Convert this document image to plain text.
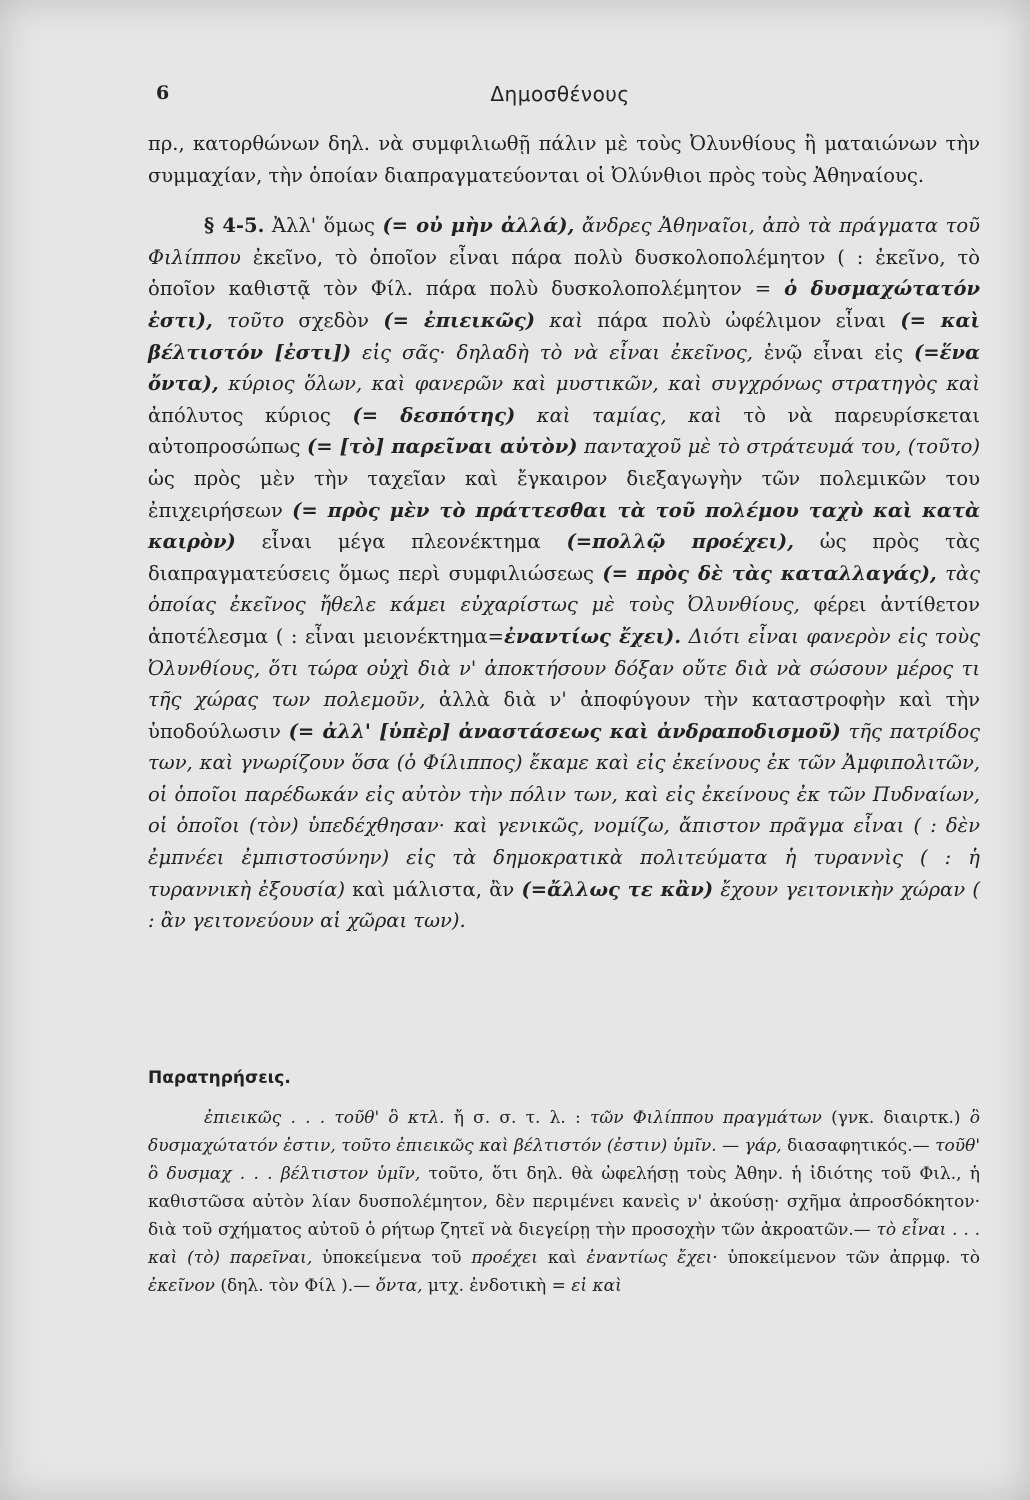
6	Δημοσθένους

πρ., κατορθώνων δηλ. νὰ συμφιλιωθῇ πάλιν μὲ τοὺς Ὀλυνθίους ἢ ματαιώνων τὴν συμμαχίαν, τὴν ὁποίαν διαπραγματεύονται οἱ Ὀλύνθιοι πρὸς τοὺς Ἀθηναίους.

§ 4-5. Ἀλλ' ὅμως (= οὐ μὴν ἀλλά), ἄνδρες Ἀθηναῖοι, ἀπὸ τὰ πράγματα τοῦ Φιλίππου ἐκεῖνο, τὸ ὁποῖον εἶναι πάρα πολὺ δυσκολοπολέμητον ( : ἐκεῖνο, τὸ ὁποῖον καθιστᾷ τὸν Φίλ. πάρα πολὺ δυσκολοπολέμητον = ὁ δυσμαχώτατόν ἐστι), τοῦτο σχεδὸν (= ἐπιεικῶς) καὶ πάρα πολὺ ὠφέλιμον εἶναι (= καὶ βέλτιστόν [ἐστι]) εἰς σᾶς· δηλαδὴ τὸ νὰ εἶναι ἐκεῖνος, ἐνῷ εἶναι εἰς (=ἕνα ὄντα), κύριος ὅλων, καὶ φανερῶν καὶ μυστικῶν, καὶ συγχρόνως στρατηγὸς καὶ ἀπόλυτος κύριος (= δεσπότης) καὶ ταμίας, καὶ τὸ νὰ παρευρίσκεται αὐτοπροσώπως (= [τὸ] παρεῖναι αὐτὸν) πανταχοῦ μὲ τὸ στράτευμά του, (τοῦτο) ὡς πρὸς μὲν τὴν ταχεῖαν καὶ ἔγκαιρον διεξαγωγὴν τῶν πολεμικῶν του ἐπιχειρήσεων (= πρὸς μὲν τὸ πράττεσθαι τὰ τοῦ πολέμου ταχὺ καὶ κατὰ καιρὸν) εἶναι μέγα πλεονέκτημα (=πολλῷ προέχει), ὡς πρὸς τὰς διαπραγματεύσεις ὅμως περὶ συμφιλιώσεως (= πρὸς δὲ τὰς καταλλαγάς), τὰς ὁποίας ἐκεῖνος ἤθελε κάμει εὐχαρίστως μὲ τοὺς Ὀλυνθίους, φέρει ἀντίθετον ἀποτέλεσμα ( : εἶναι μειονέκτημα=ἐναντίως ἔχει). Διότι εἶναι φανερὸν εἰς τοὺς Ὀλυνθίους, ὅτι τώρα οὐχὶ διὰ ν' ἀποκτήσουν δόξαν οὔτε διὰ νὰ σώσουν μέρος τι τῆς χώρας των πολεμοῦν, ἀλλὰ διὰ ν' ἀποφύγουν τὴν καταστροφὴν καὶ τὴν ὑποδούλωσιν (= ἀλλ' [ὑπὲρ] ἀναστάσεως καὶ ἀνδραποδισμοῦ) τῆς πατρίδος των, καὶ γνωρίζουν ὅσα (ὁ Φίλιππος) ἔκαμε καὶ εἰς ἐκείνους ἐκ τῶν Ἀμφιπολιτῶν, οἱ ὁποῖοι παρέδωκάν εἰς αὐτὸν τὴν πόλιν των, καὶ εἰς ἐκείνους ἐκ τῶν Πυδναίων, οἱ ὁποῖοι (τὸν) ὑπεδέχθησαν· καὶ γενικῶς, νομίζω, ἄπιστον πρᾶγμα εἶναι ( : δὲν ἐμπνέει ἐμπιστοσύνην) εἰς τὰ δημοκρατικὰ πολιτεύματα ἡ τυραννὶς ( : ἡ τυραννικὴ ἐξουσία) καὶ μάλιστα, ἂν (=ἄλλως τε κἂν) ἔχουν γειτονικὴν χώραν ( : ἂν γειτονεύουν αἱ χῶραι των).

Παρατηρήσεις.

ἐπιεικῶς . . . τοῦθ' ὃ κτλ. ἤ σ. σ. τ. λ. : τῶν Φιλίππου πραγμάτων (γνκ. διαιρτκ.) ὃ δυσμαχώτατόν ἐστιν, τοῦτο ἐπιεικῶς καὶ βέλτιστόν (ἐστιν) ὑμῖν. — γάρ, διασαφητικός.— τοῦθ' ὃ δυσμαχ . . . βέλτιστον ὑμῖν, τοῦτο, ὅτι δηλ. θὰ ὠφελήσῃ τοὺς Ἀθην. ἡ ἰδιότης τοῦ Φιλ., ἡ καθιστῶσα αὐτὸν λίαν δυσπολέμητον, δὲν περιμένει κανεὶς ν' ἀκούσῃ· σχῆμα ἀπροσδόκητον· διὰ τοῦ σχήματος αὐτοῦ ὁ ρήτωρ ζητεῖ νὰ διεγείρῃ τὴν προσοχὴν τῶν ἀκροατῶν.— τὸ εἶναι . . . καὶ (τὸ) παρεῖναι, ὑποκείμενα τοῦ προέχει καὶ ἐναντίως ἔχει· ὑποκείμενον τῶν ἀπρμφ. τὸ ἐκεῖνον (δηλ. τὸν Φίλ ).— ὄντα, μτχ. ἐνδοτικὴ = εἰ καὶ
